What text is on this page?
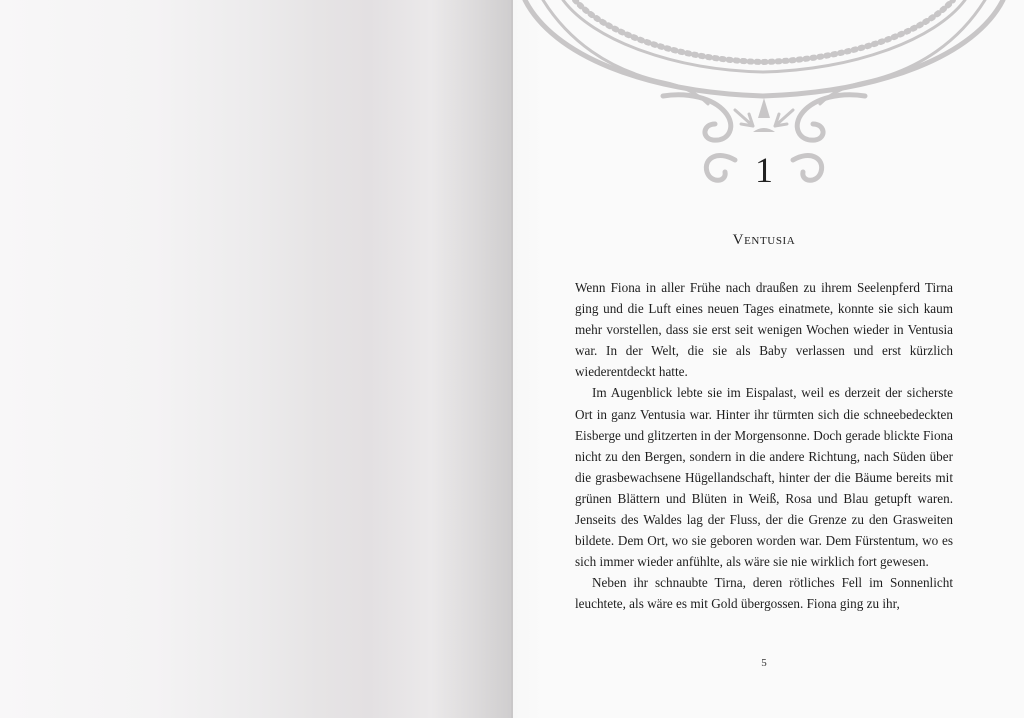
1
Ventusia

Wenn Fiona in aller Frühe nach draußen zu ihrem Seelenpferd Tirna ging und die Luft eines neuen Tages einatmete, konnte sie sich kaum mehr vorstellen, dass sie erst seit wenigen Wochen wieder in Ventusia war. In der Welt, die sie als Baby verlassen und erst kürzlich wiederentdeckt hatte.

Im Augenblick lebte sie im Eispalast, weil es derzeit der sicherste Ort in ganz Ventusia war. Hinter ihr türmten sich die schneebedeckten Eisberge und glitzerten in der Morgensonne. Doch gerade blickte Fiona nicht zu den Bergen, sondern in die andere Richtung, nach Süden über die grasbewachsene Hügellandschaft, hinter der die Bäume bereits mit grünen Blättern und Blüten in Weiß, Rosa und Blau getupft waren. Jenseits des Waldes lag der Fluss, der die Grenze zu den Grasweiten bildete. Dem Ort, wo sie geboren worden war. Dem Fürstentum, wo es sich immer wieder anfühlte, als wäre sie nie wirklich fort gewesen.

Neben ihr schnaubte Tirna, deren rötliches Fell im Sonnenlicht leuchtete, als wäre es mit Gold übergossen. Fiona ging zu ihr,

5
